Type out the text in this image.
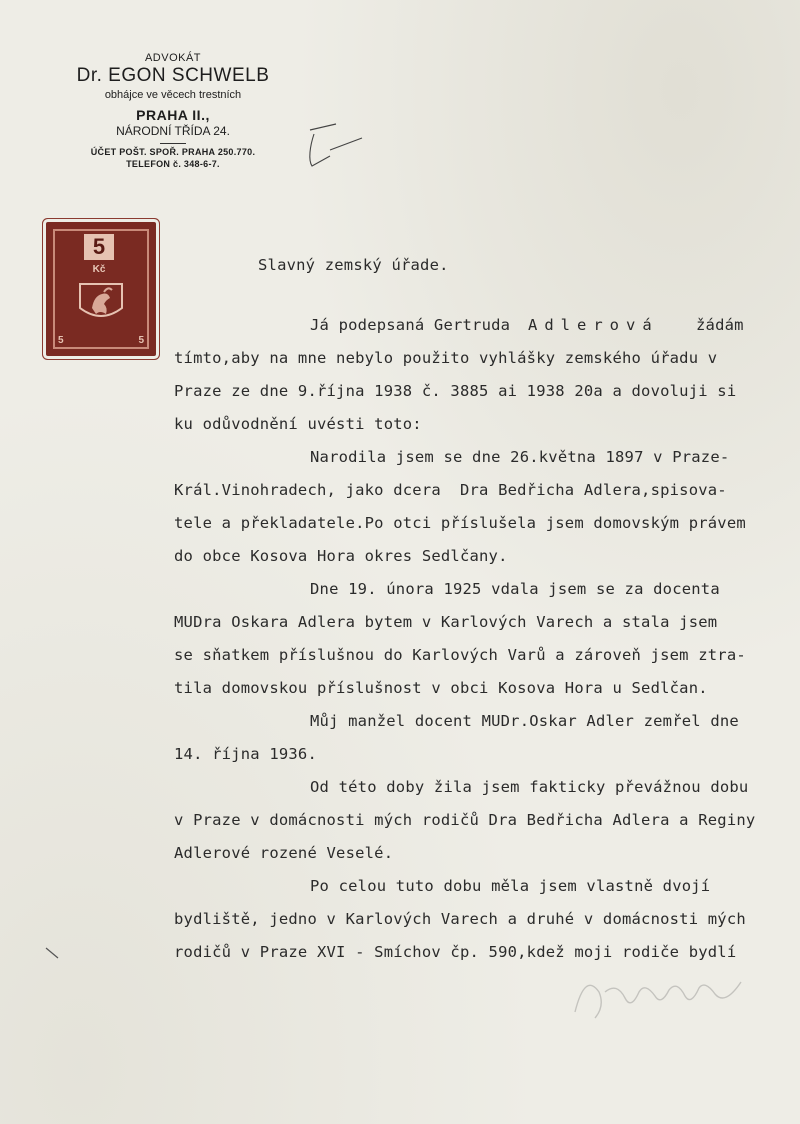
ADVOKÁT
Dr. EGON SCHWELB
obhájce ve věcech trestních
PRAHA II.,
NÁRODNÍ TŘÍDA 24.
ÚČET POŠT. SPOŘ. PRAHA 250.770.
TELEFON č. 348-6-7.
5
Kč
5	5
Slavný zemský úřade.
Já podepsaná Gertruda Adlerová žádám
tímto,aby na mne nebylo použito vyhlášky zemského úřadu v
Praze ze dne 9.října 1938 č. 3885 ai 1938 20a a dovoluji si
ku odůvodnění uvésti toto:
Narodila jsem se dne 26.května 1897 v Praze-
Král.Vinohradech, jako dcera  Dra Bedřicha Adlera,spisova-
tele a překladatele.Po otci příslušela jsem domovským právem
do obce Kosova Hora okres Sedlčany.
Dne 19. února 1925 vdala jsem se za docenta
MUDra Oskara Adlera bytem v Karlových Varech a stala jsem
se sňatkem příslušnou do Karlových Varů a zároveň jsem ztra-
tila domovskou příslušnost v obci Kosova Hora u Sedlčan.
Můj manžel docent MUDr.Oskar Adler zemřel dne
14. října 1936.
Od této doby žila jsem fakticky převážnou dobu
v Praze v domácnosti mých rodičů Dra Bedřicha Adlera a Reginy
Adlerové rozené Veselé.
Po celou tuto dobu měla jsem vlastně dvojí
bydliště, jedno v Karlových Varech a druhé v domácnosti mých
rodičů v Praze XVI - Smíchov čp. 590,kdež moji rodiče bydlí
